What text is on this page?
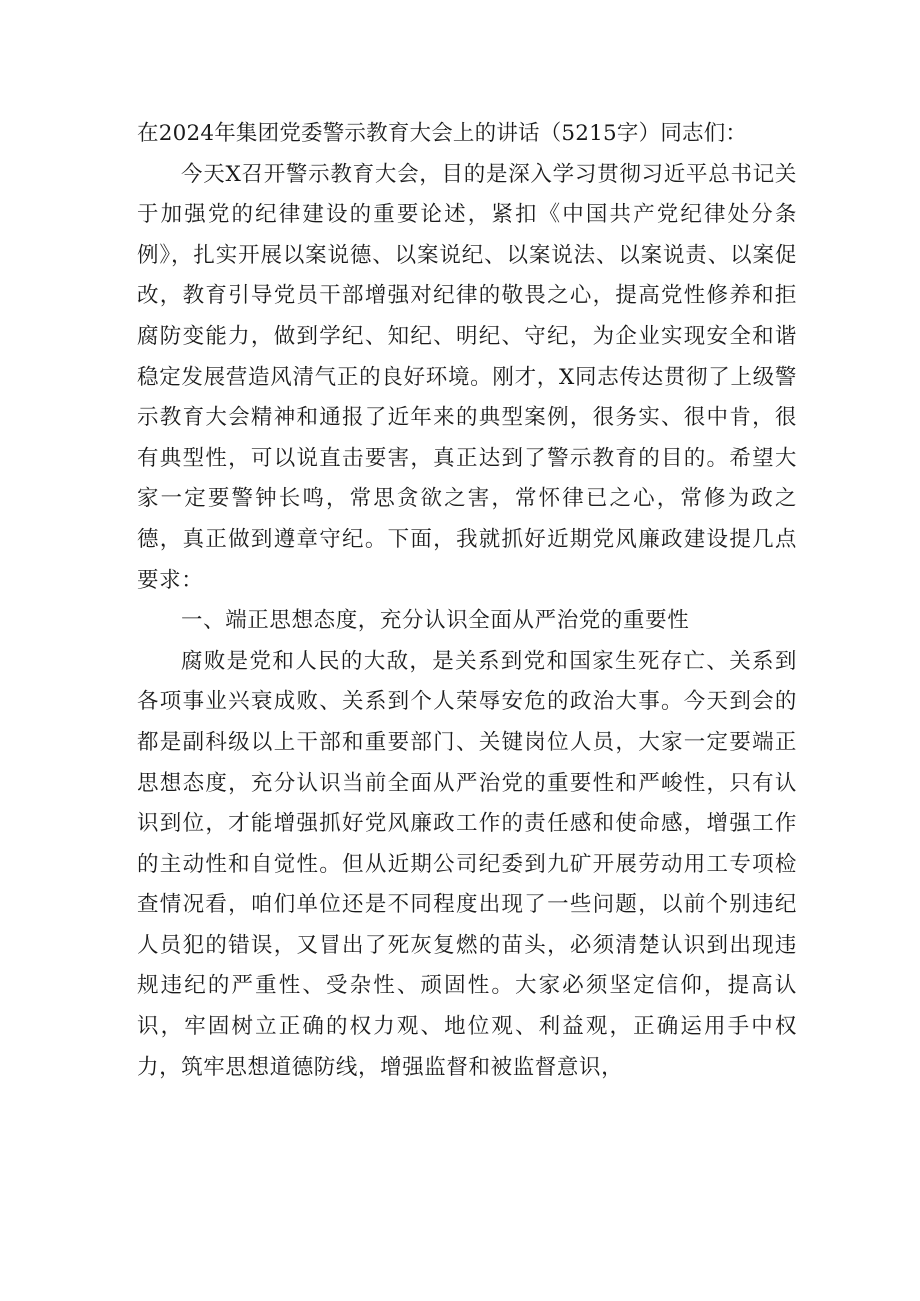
在2024年集团党委警示教育大会上的讲话（5215字）同志们：

今天X召开警示教育大会，目的是深入学习贯彻习近平总书记关于加强党的纪律建设的重要论述，紧扣《中国共产党纪律处分条例》，扎实开展以案说德、以案说纪、以案说法、以案说责、以案促改，教育引导党员干部增强对纪律的敬畏之心，提高党性修养和拒腐防变能力，做到学纪、知纪、明纪、守纪，为企业实现安全和谐稳定发展营造风清气正的良好环境。刚才，X同志传达贯彻了上级警示教育大会精神和通报了近年来的典型案例，很务实、很中肯，很有典型性，可以说直击要害，真正达到了警示教育的目的。希望大家一定要警钟长鸣，常思贪欲之害，常怀律已之心，常修为政之德，真正做到遵章守纪。下面，我就抓好近期党风廉政建设提几点要求：

一、端正思想态度，充分认识全面从严治党的重要性

腐败是党和人民的大敌，是关系到党和国家生死存亡、关系到各项事业兴衰成败、关系到个人荣辱安危的政治大事。今天到会的都是副科级以上干部和重要部门、关键岗位人员，大家一定要端正思想态度，充分认识当前全面从严治党的重要性和严峻性，只有认识到位，才能增强抓好党风廉政工作的责任感和使命感，增强工作的主动性和自觉性。但从近期公司纪委到九矿开展劳动用工专项检查情况看，咱们单位还是不同程度出现了一些问题，以前个别违纪人员犯的错误，又冒出了死灰复燃的苗头，必须清楚认识到出现违规违纪的严重性、受杂性、顽固性。大家必须坚定信仰，提高认识，牢固树立正确的权力观、地位观、利益观，正确运用手中权力，筑牢思想道德防线，增强监督和被监督意识，
